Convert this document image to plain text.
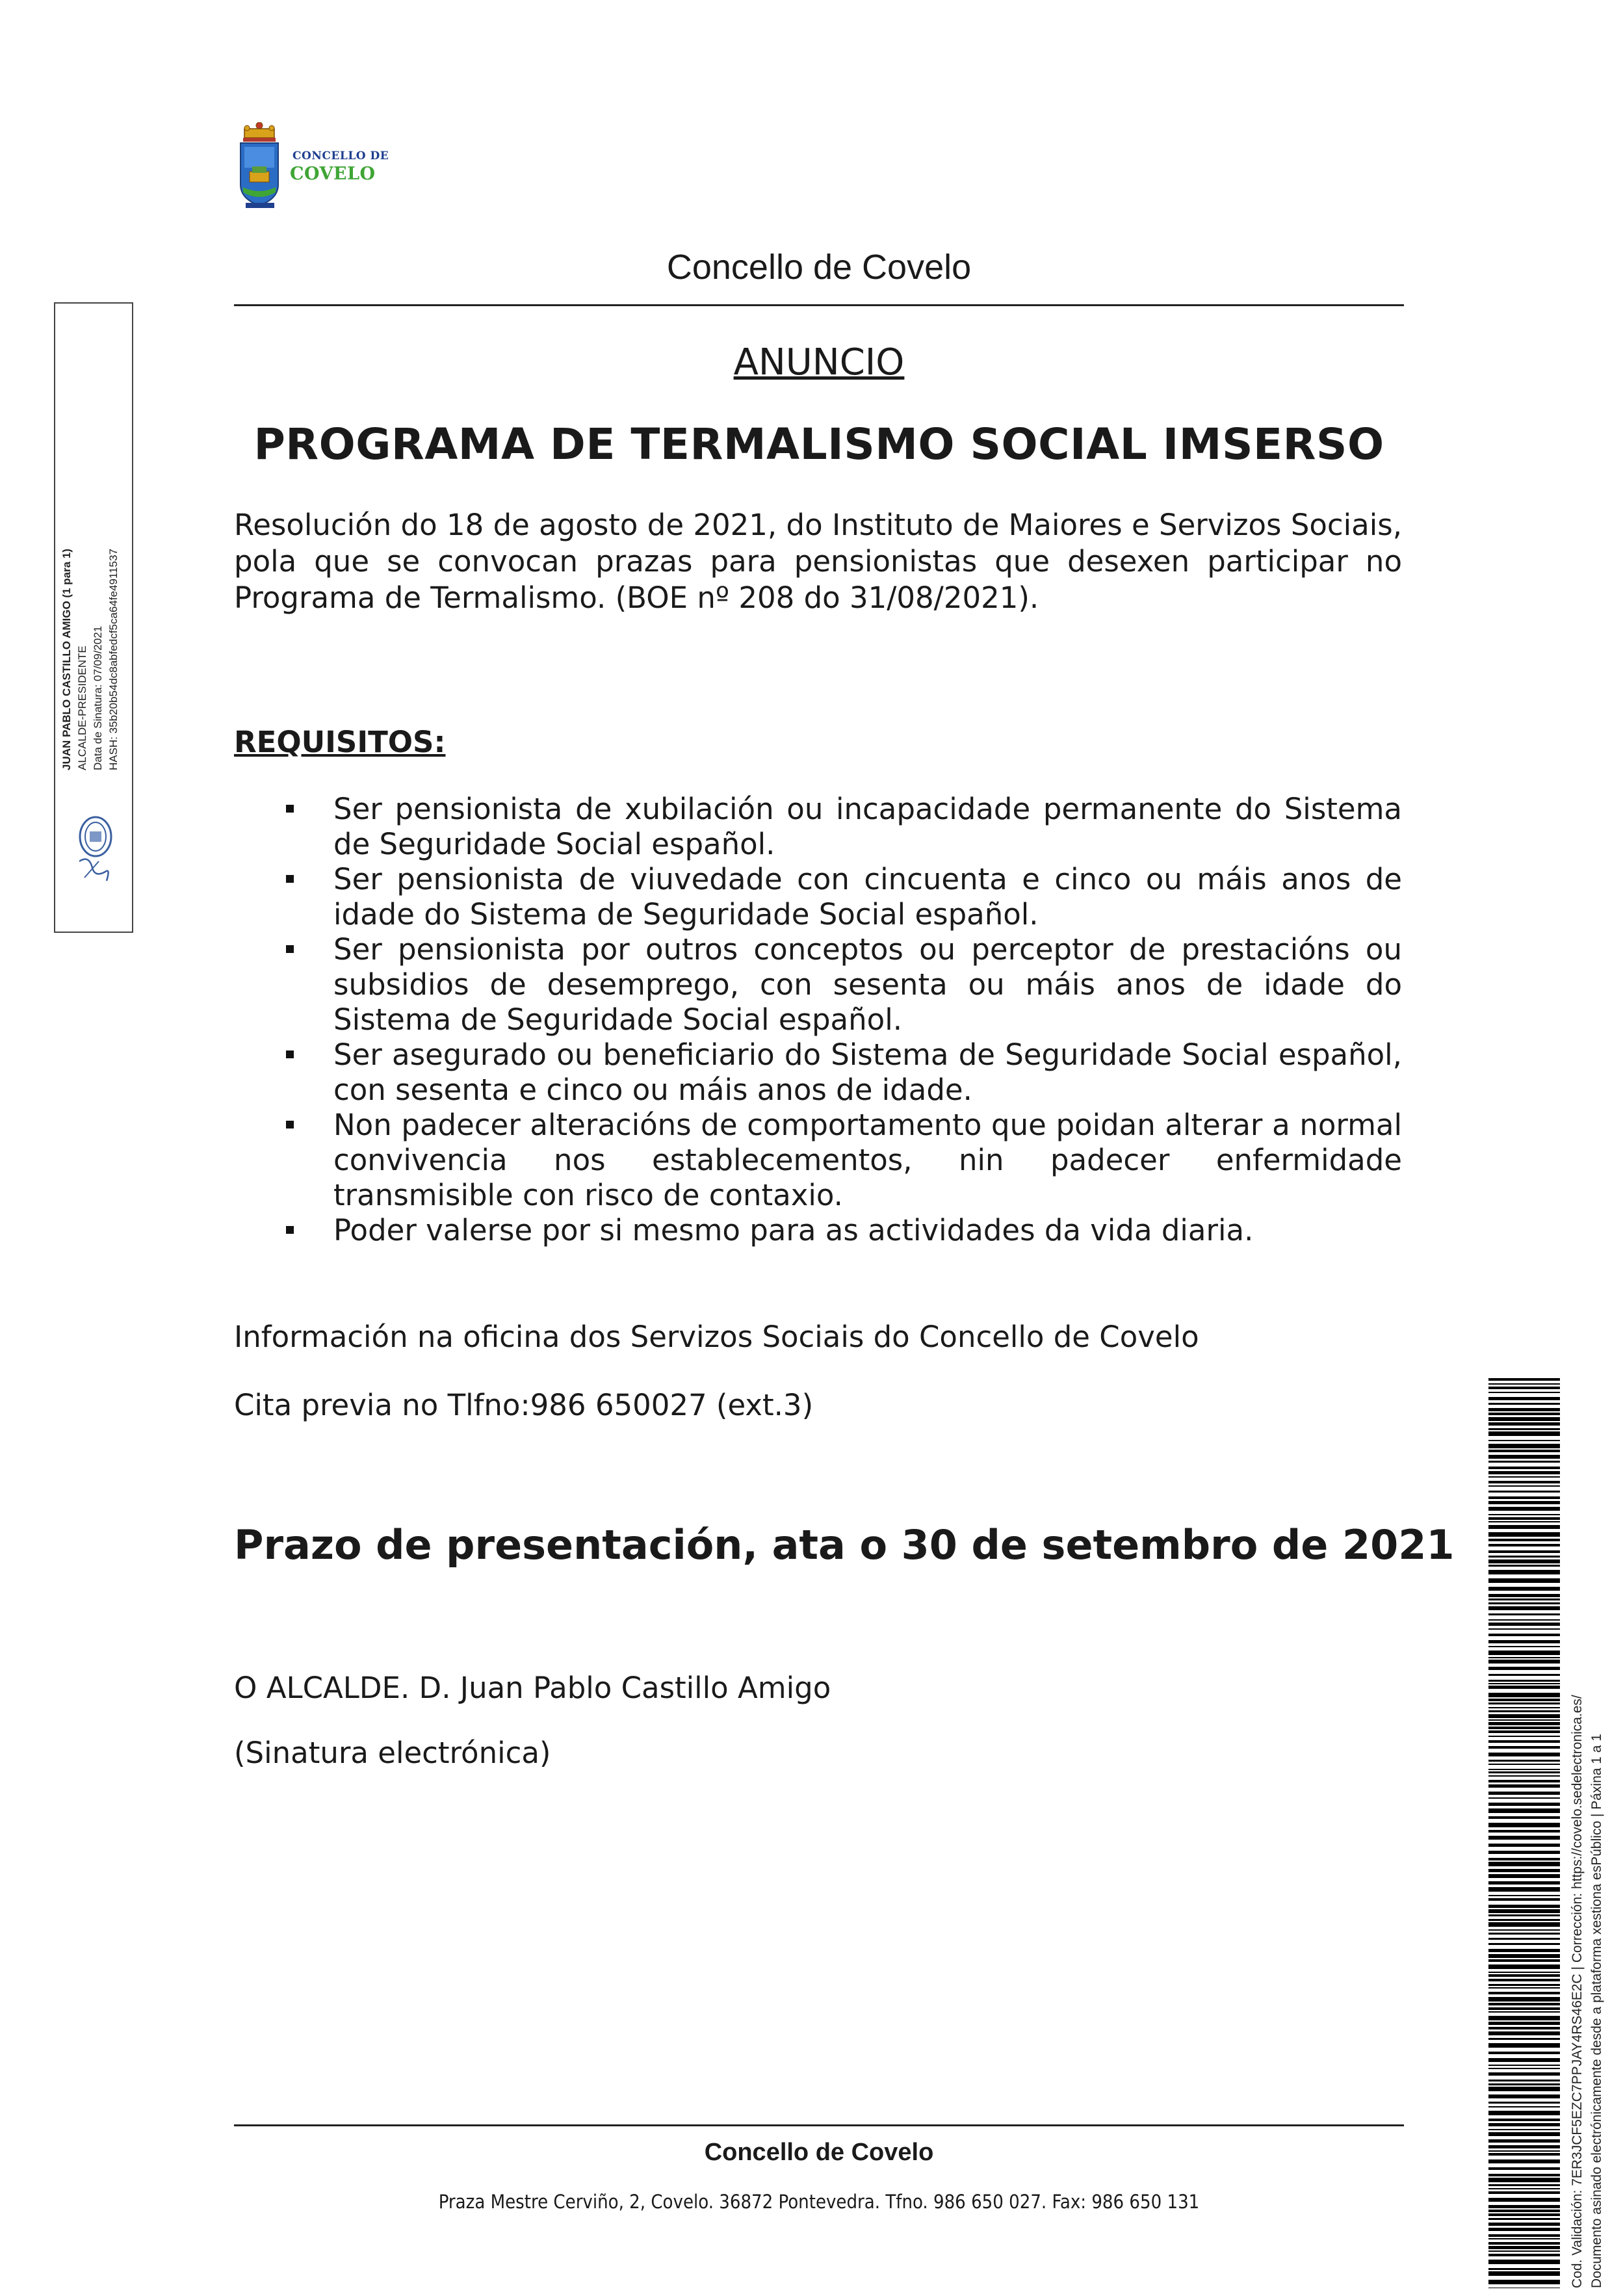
CONCELLO DE
COVELO
Concello de Covelo
ANUNCIO
PROGRAMA DE TERMALISMO SOCIAL IMSERSO
Resolución do 18 de agosto de 2021, do Instituto de Maiores e Servizos Sociais, pola que se convocan prazas para pensionistas que desexen participar no Programa de Termalismo. (BOE nº 208 do 31/08/2021).
REQUISITOS:
Ser pensionista de xubilación ou incapacidade permanente do Sistema de Seguridade Social español.
Ser pensionista de viuvedade con cincuenta e cinco ou máis anos de idade do Sistema de Seguridade Social español.
Ser pensionista por outros conceptos ou perceptor de prestacións ou subsidios de desemprego, con sesenta ou máis anos de idade do Sistema de Seguridade Social español.
Ser asegurado ou beneficiario do Sistema de Seguridade Social español, con sesenta e cinco ou máis anos de idade.
Non padecer alteracións de comportamento que poidan alterar a normal convivencia nos establecementos, nin padecer enfermidade transmisible con risco de contaxio.
Poder valerse por si mesmo para as actividades da vida diaria.
Información na oficina dos Servizos Sociais do Concello de Covelo
Cita previa no Tlfno:986 650027 (ext.3)
Prazo de presentación, ata o 30 de setembro de 2021
O ALCALDE. D. Juan Pablo Castillo Amigo
(Sinatura electrónica)
Concello de Covelo
Praza Mestre Cerviño, 2, Covelo. 36872 Pontevedra. Tfno. 986 650 027. Fax: 986 650 131
JUAN PABLO CASTILLO AMIGO (1 para 1) ALCALDE-PRESIDENTE Data de Sinatura: 07/09/2021 HASH: 35b20b54dc8abfedcf5ca64fe4911537
Cod. Validación: 7ER3JCF5EZC7PPJAY4RS46E2C | Corrección: https://covelo.sedelectronica.es/ Documento asinado electrónicamente desde a plataforma xestiona esPúblico | Páxina 1 a 1
